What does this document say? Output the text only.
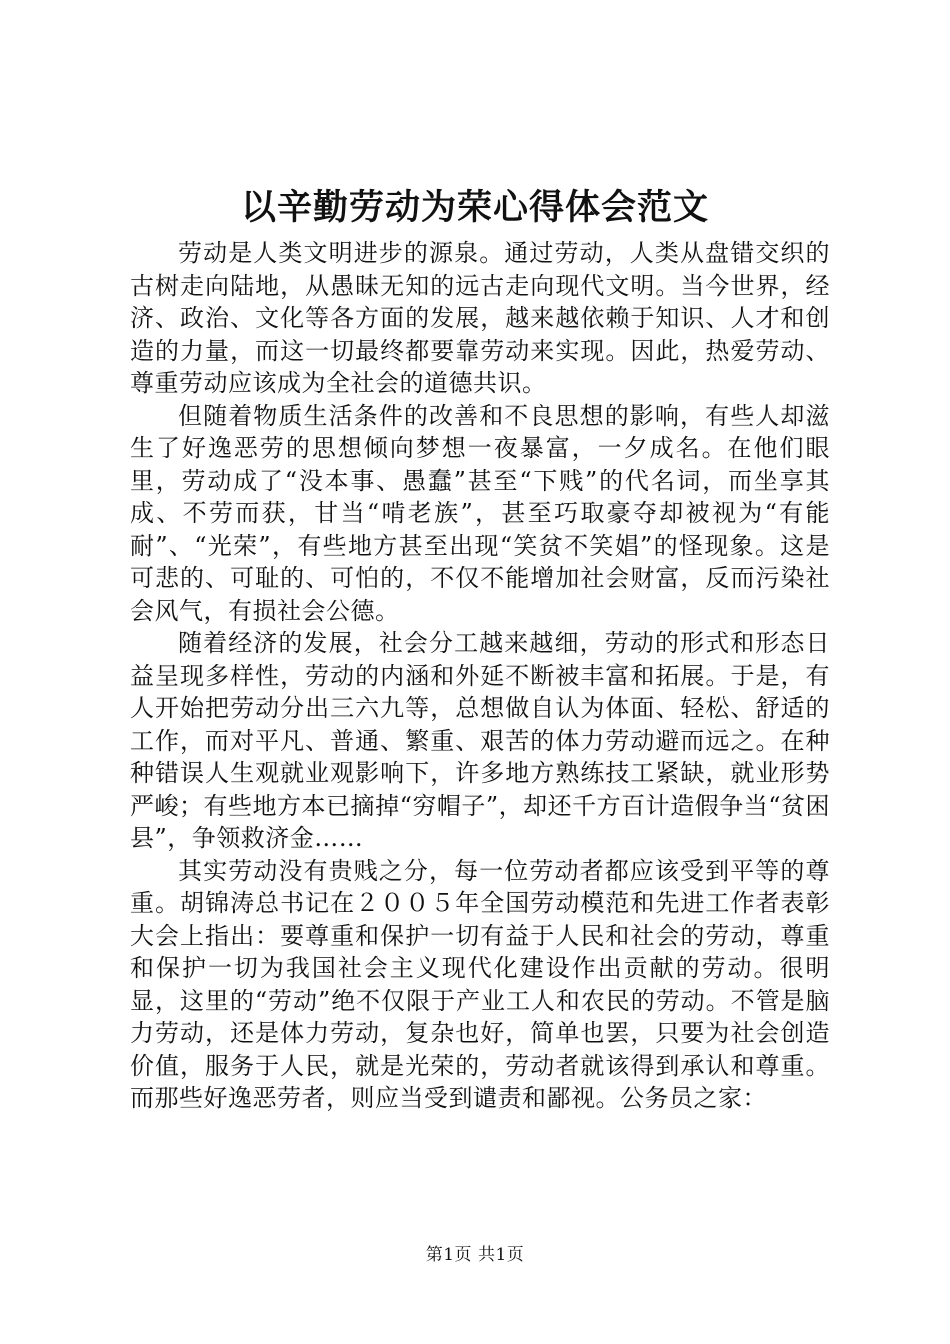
以辛勤劳动为荣心得体会范文

劳动是人类文明进步的源泉。通过劳动，人类从盘错交织的古树走向陆地，从愚昧无知的远古走向现代文明。当今世界，经济、政治、文化等各方面的发展，越来越依赖于知识、人才和创造的力量，而这一切最终都要靠劳动来实现。因此，热爱劳动、尊重劳动应该成为全社会的道德共识。

但随着物质生活条件的改善和不良思想的影响，有些人却滋生了好逸恶劳的思想倾向梦想一夜暴富，一夕成名。在他们眼里，劳动成了“没本事、愚蠢”甚至“下贱”的代名词，而坐享其成、不劳而获，甘当“啃老族”，甚至巧取豪夺却被视为“有能耐”、“光荣”，有些地方甚至出现“笑贫不笑娼”的怪现象。这是可悲的、可耻的、可怕的，不仅不能增加社会财富，反而污染社会风气，有损社会公德。

随着经济的发展，社会分工越来越细，劳动的形式和形态日益呈现多样性，劳动的内涵和外延不断被丰富和拓展。于是，有人开始把劳动分出三六九等，总想做自认为体面、轻松、舒适的工作，而对平凡、普通、繁重、艰苦的体力劳动避而远之。在种种错误人生观就业观影响下，许多地方熟练技工紧缺，就业形势严峻；有些地方本已摘掉“穷帽子”，却还千方百计造假争当“贫困县”，争领救济金……

其实劳动没有贵贱之分，每一位劳动者都应该受到平等的尊重。胡锦涛总书记在２００５年全国劳动模范和先进工作者表彰大会上指出：要尊重和保护一切有益于人民和社会的劳动，尊重和保护一切为我国社会主义现代化建设作出贡献的劳动。很明显，这里的“劳动”绝不仅限于产业工人和农民的劳动。不管是脑力劳动，还是体力劳动，复杂也好，简单也罢，只要为社会创造价值，服务于人民，就是光荣的，劳动者就该得到承认和尊重。而那些好逸恶劳者，则应当受到谴责和鄙视。公务员之家：

第1页 共1页
